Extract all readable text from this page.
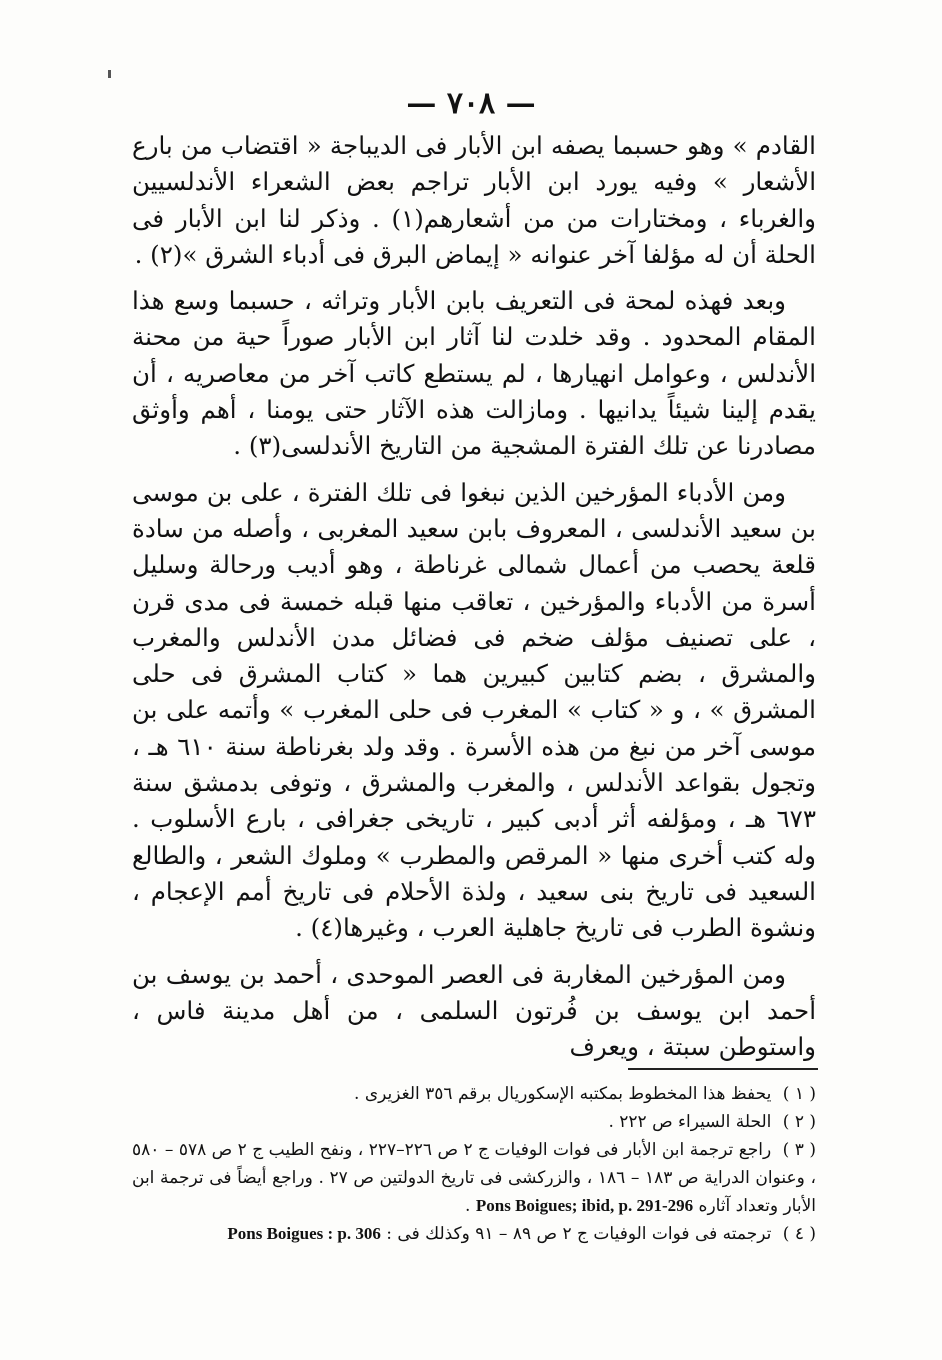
— ٧٠٨ —

القادم » وهو حسبما يصفه ابن الأبار فى الديباجة « اقتضاب من بارع الأشعار » وفيه يورد ابن الأبار تراجم بعض الشعراء الأندلسيين والغرباء ، ومختارات من من أشعارهم(١) . وذكر لنا ابن الأبار فى الحلة أن له مؤلفا آخر عنوانه « إيماض البرق فى أدباء الشرق »(٢) .

وبعد فهذه لمحة فى التعريف بابن الأبار وتراثه ، حسبما وسع هذا المقام المحدود . وقد خلدت لنا آثار ابن الأبار صوراً حية من محنة الأندلس ، وعوامل انهيارها ، لم يستطع كاتب آخر من معاصريه ، أن يقدم إلينا شيئاً يدانيها . ومازالت هذه الآثار حتى يومنا ، أهم وأوثق مصادرنا عن تلك الفترة المشجية من التاريخ الأندلسى(٣) .

ومن الأدباء المؤرخين الذين نبغوا فى تلك الفترة ، على بن موسى بن سعيد الأندلسى ، المعروف بابن سعيد المغربى ، وأصله من سادة قلعة يحصب من أعمال شمالى غرناطة ، وهو أديب ورحالة وسليل أسرة من الأدباء والمؤرخين ، تعاقب منها قبله خمسة فى مدى قرن ، على تصنيف مؤلف ضخم فى فضائل مدن الأندلس والمغرب والمشرق ، بضم كتابين كبيرين هما « كتاب المشرق فى حلى المشرق » ، و « كتاب » المغرب فى حلى المغرب » وأتمه على بن موسى آخر من نبغ من هذه الأسرة . وقد ولد بغرناطة سنة ٦١٠ هـ ، وتجول بقواعد الأندلس ، والمغرب والمشرق ، وتوفى بدمشق سنة ٦٧٣ هـ ، ومؤلفه أثر أدبى كبير ، تاريخى جغرافى ، بارع الأسلوب . وله كتب أخرى منها « المرقص والمطرب » وملوك الشعر ، والطالع السعيد فى تاريخ بنى سعيد ، ولذة الأحلام فى تاريخ أمم الإعجام ، ونشوة الطرب فى تاريخ جاهلية العرب ، وغيرها(٤) .

ومن المؤرخين المغاربة فى العصر الموحدى ، أحمد بن يوسف بن أحمد ابن يوسف بن فُرتون السلمى ، من أهل مدينة فاس ، واستوطن سبتة ، ويعرف

( ١ ) يحفظ هذا المخطوط بمكتبه الإسكوريال برقم ٣٥٦ الغزيرى .

( ٢ ) الحلة السيراء ص ٢٢٢ .

( ٣ ) راجع ترجمة ابن الأبار فى فوات الوفيات ج ٢ ص ٢٢٦–٢٢٧ ، ونفح الطيب ج ٢ ص ٥٧٨ – ٥٨٠ ، وعنوان الدراية ص ١٨٣ – ١٨٦ ، والزركشى فى تاريخ الدولتين ص ٢٧ . وراجع أيضاً فى ترجمة ابن الأبار وتعداد آثاره Pons Boigues; ibid, p. 291-296 .

( ٤ ) ترجمته فى فوات الوفيات ج ٢ ص ٨٩ – ٩١ وكذلك فى : Pons Boigues : p. 306
